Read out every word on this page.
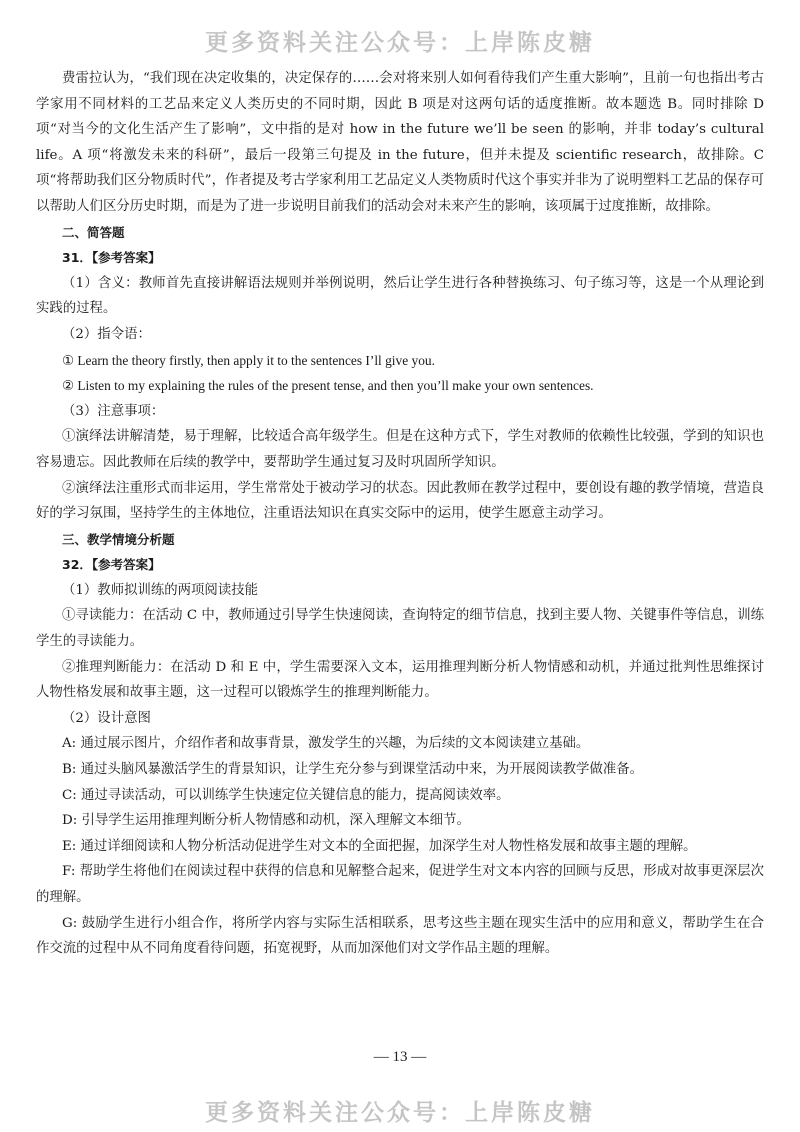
更多资料关注公众号：上岸陈皮糖

费雷拉认为，“我们现在决定收集的，决定保存的……会对将来别人如何看待我们产生重大影响”，且前一句也指出考古学家用不同材料的工艺品来定义人类历史的不同时期，因此 B 项是对这两句话的适度推断。故本题选 B。同时排除 D 项“对当今的文化生活产生了影响”，文中指的是对 how in the future we’ll be seen 的影响，并非 today’s cultural life。A 项“将激发未来的科研”，最后一段第三句提及 in the future，但并未提及 scientific research，故排除。C 项“将帮助我们区分物质时代”，作者提及考古学家利用工艺品定义人类物质时代这个事实并非为了说明塑料工艺品的保存可以帮助人们区分历史时期，而是为了进一步说明目前我们的活动会对未来产生的影响，该项属于过度推断，故排除。

二、简答题

31．【参考答案】

（1）含义：教师首先直接讲解语法规则并举例说明，然后让学生进行各种替换练习、句子练习等，这是一个从理论到实践的过程。

（2）指令语：

① Learn the theory firstly, then apply it to the sentences I’ll give you.

② Listen to my explaining the rules of the present tense, and then you’ll make your own sentences.

（3）注意事项：

①演绎法讲解清楚，易于理解，比较适合高年级学生。但是在这种方式下，学生对教师的依赖性比较强，学到的知识也容易遗忘。因此教师在后续的教学中，要帮助学生通过复习及时巩固所学知识。

②演绎法注重形式而非运用，学生常常处于被动学习的状态。因此教师在教学过程中，要创设有趣的教学情境，营造良好的学习氛围，坚持学生的主体地位，注重语法知识在真实交际中的运用，使学生愿意主动学习。

三、教学情境分析题

32．【参考答案】

（1）教师拟训练的两项阅读技能

①寻读能力：在活动 C 中，教师通过引导学生快速阅读，查询特定的细节信息，找到主要人物、关键事件等信息，训练学生的寻读能力。

②推理判断能力：在活动 D 和 E 中，学生需要深入文本，运用推理判断分析人物情感和动机，并通过批判性思维探讨人物性格发展和故事主题，这一过程可以锻炼学生的推理判断能力。

（2）设计意图

A: 通过展示图片，介绍作者和故事背景，激发学生的兴趣，为后续的文本阅读建立基础。

B: 通过头脑风暴激活学生的背景知识，让学生充分参与到课堂活动中来，为开展阅读教学做准备。

C: 通过寻读活动，可以训练学生快速定位关键信息的能力，提高阅读效率。

D: 引导学生运用推理判断分析人物情感和动机，深入理解文本细节。

E: 通过详细阅读和人物分析活动促进学生对文本的全面把握，加深学生对人物性格发展和故事主题的理解。

F: 帮助学生将他们在阅读过程中获得的信息和见解整合起来，促进学生对文本内容的回顾与反思，形成对故事更深层次的理解。

G: 鼓励学生进行小组合作，将所学内容与实际生活相联系，思考这些主题在现实生活中的应用和意义，帮助学生在合作交流的过程中从不同角度看待问题，拓宽视野，从而加深他们对文学作品主题的理解。

— 13 —
更多资料关注公众号：上岸陈皮糖
